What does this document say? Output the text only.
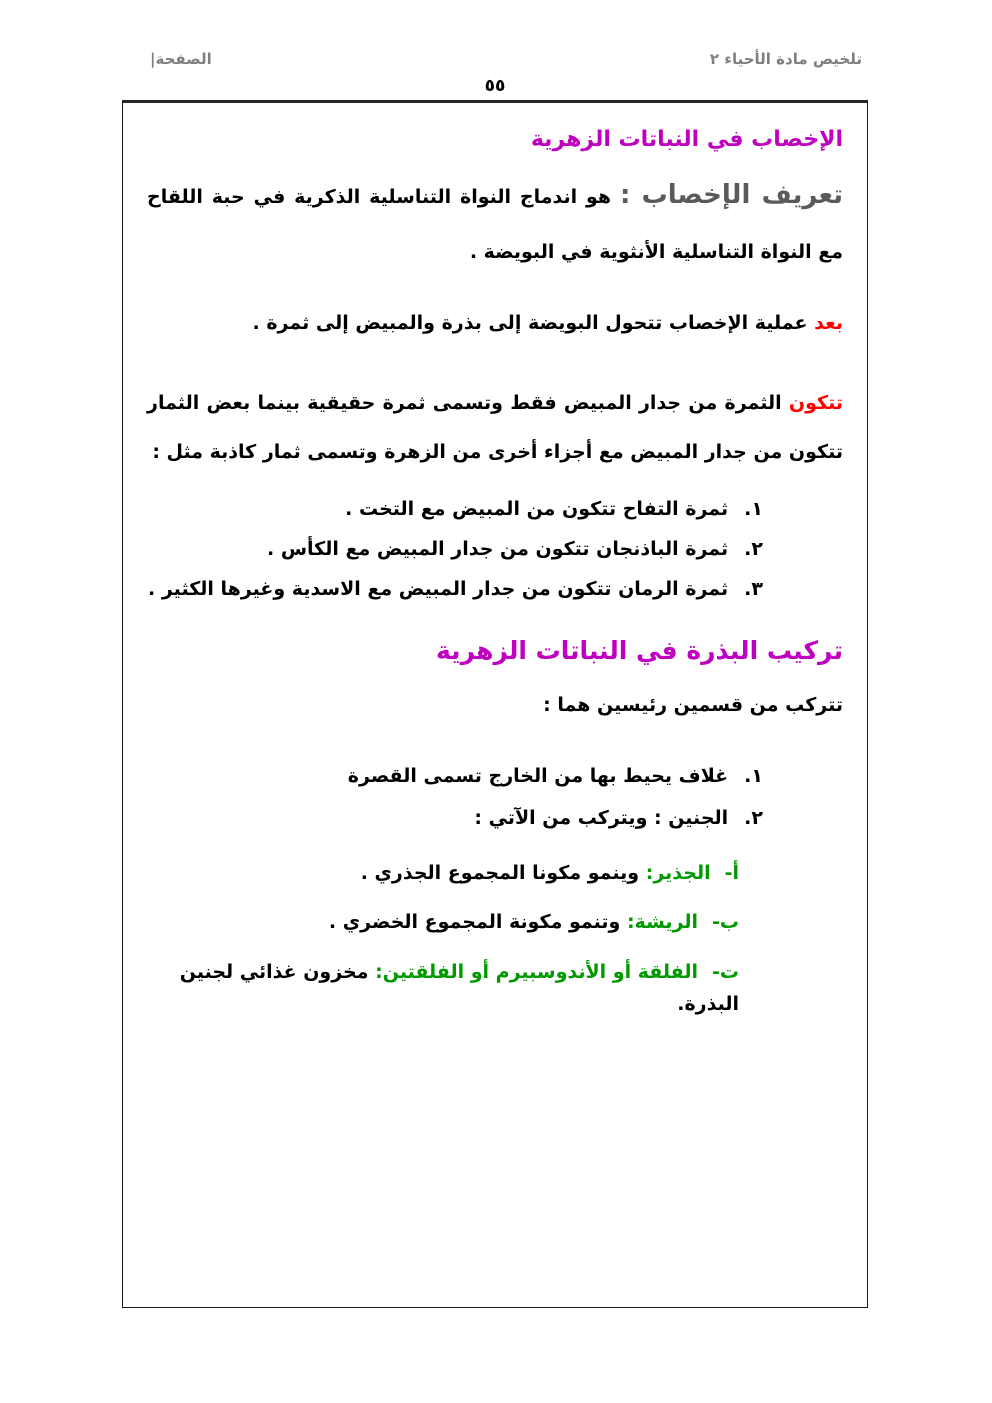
تلخيص مادة الأحياء ٢
الصفحة|
٥٥
الإخصاب في النباتات الزهرية

تعريف الإخصاب : هو اندماج النواة التناسلية الذكرية في حبة اللقاح مع النواة التناسلية الأنثوية في البويضة .

بعد عملية الإخصاب تتحول البويضة إلى بذرة والمبيض إلى ثمرة .

تتكون الثمرة من جدار المبيض فقط وتسمى ثمرة حقيقية بينما بعض الثمار تتكون من جدار المبيض مع أجزاء أخرى من الزهرة وتسمى ثمار كاذبة مثل :

١.ثمرة التفاح تتكون من المبيض مع التخت .
٢.ثمرة الباذنجان تتكون من جدار المبيض مع الكأس .
٣.ثمرة الرمان تتكون من جدار المبيض مع الاسدية وغيرها الكثير .
تركيب البذرة في النباتات الزهرية

تتركب من قسمين رئيسين هما :

١.غلاف يحيط بها من الخارج تسمى القصرة
٢.الجنين : ويتركب من الآتي :
أ-الجذير: وينمو مكونا المجموع الجذري .
ب-الريشة: وتنمو مكونة المجموع الخضري .
ت-الفلقة أو الأندوسبيرم أو الفلقتين: مخزون غذائي لجنين البذرة.
